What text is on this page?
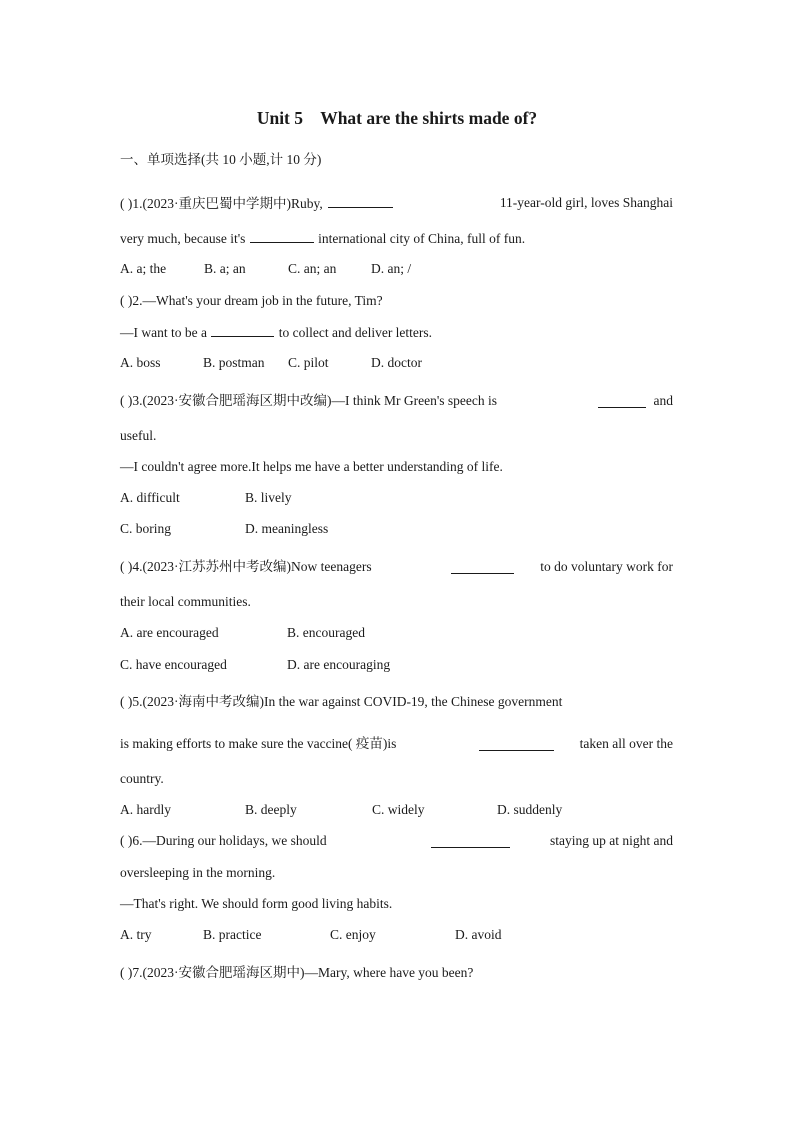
Unit 5    What are the shirts made of?
一、单项选择(共 10 小题,计 10 分)
( )1.(2023·重庆巴蜀中学期中)Ruby,	11-year-old girl, loves Shanghai
very much, because it's	international city of China, full of fun.
A. a; the	B. a; an	C. an; an	D. an; /
( )2.—What's your dream job in the future, Tim?
—I want to be a	to collect and deliver letters.
A. boss	B. postman C. pilot	D. doctor
( )3.(2023·安徽合肥瑶海区期中改编)—I think Mr Green's speech is	and
useful.
—I couldn't agree more.It helps me have a better understanding of life.
A. difficult	B. lively
C. boring	D. meaningless
( )4.(2023·江苏苏州中考改编)Now teenagers	to do voluntary work for
their local communities.
A. are encouraged	B. encouraged
C. have encouraged	D. are encouraging
( )5.(2023·海南中考改编)In the war against COVID-19, the Chinese government
is making efforts to make sure the vaccine( 疫苗)is	taken all over the
country.
A. hardly	B. deeply	C. widely	D. suddenly
( )6.—During our holidays, we should	staying up at night and
oversleeping in the morning.
—That's right. We should form good living habits.
A. try	B. practice	C. enjoy	D. avoid
( )7.(2023·安徽合肥瑶海区期中)—Mary, where have you been?
